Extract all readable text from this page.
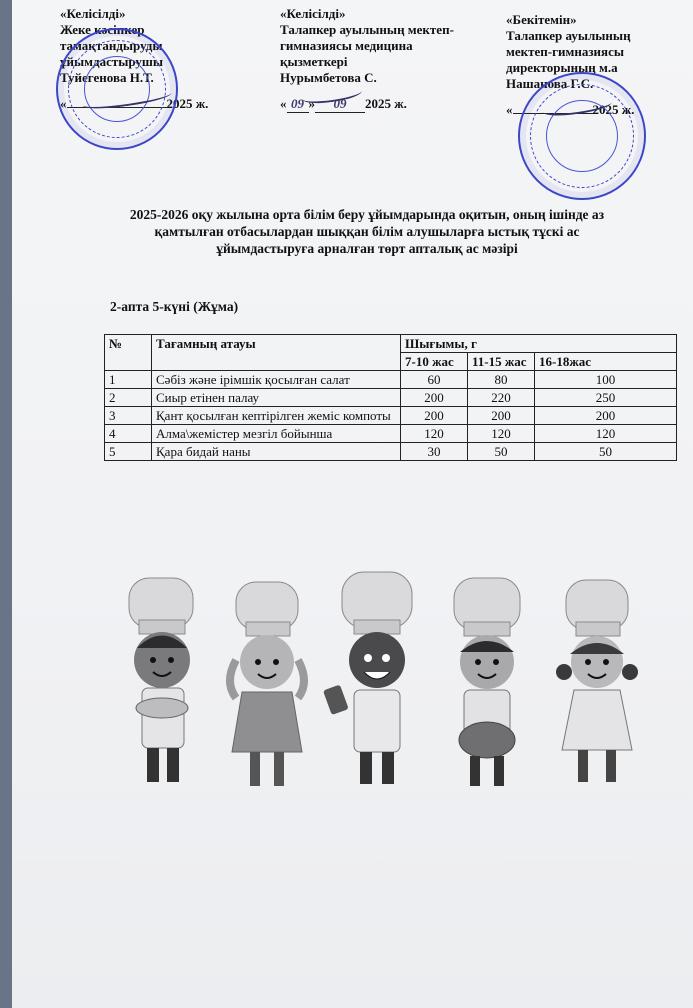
«Келісілді»
Жеке кәсіпкер
тамақтандыруды
ұйымдастырушы
Туйегенова Н.Т.
«	2025 ж.
«Келісілді»
Талапкер ауылының мектеп-
гимназиясы медицина
қызметкері
Нурымбетова С.
« 09 » 09 2025 ж.
«Бекітемін»
Талапкер ауылының
мектеп-гимназиясы
директорының м.а
Нашанова Г.С.
«	2025 ж.
2025-2026 оқу жылына орта білім беру ұйымдарында оқитын, оның ішінде аз
қамтылған отбасылардан шыққан білім алушыларға ыстық тұскі ас
ұйымдастыруға арналған төрт апталық ас мәзірі
2-апта 5-күні (Жұма)
№	Тағамның атауы	Шығымы, г		
		7-10 жас	11-15 жас	16-18жас
1	Сәбіз және ірімшік қосылған салат	60	80	100
2	Сиыр етінен палау	200	220	250
3	Қант қосылған кептірілген жеміс компоты	200	200	200
4	Алма\жемістер мезгіл бойынша	120	120	120
5	Қара бидай наны	30	50	50
